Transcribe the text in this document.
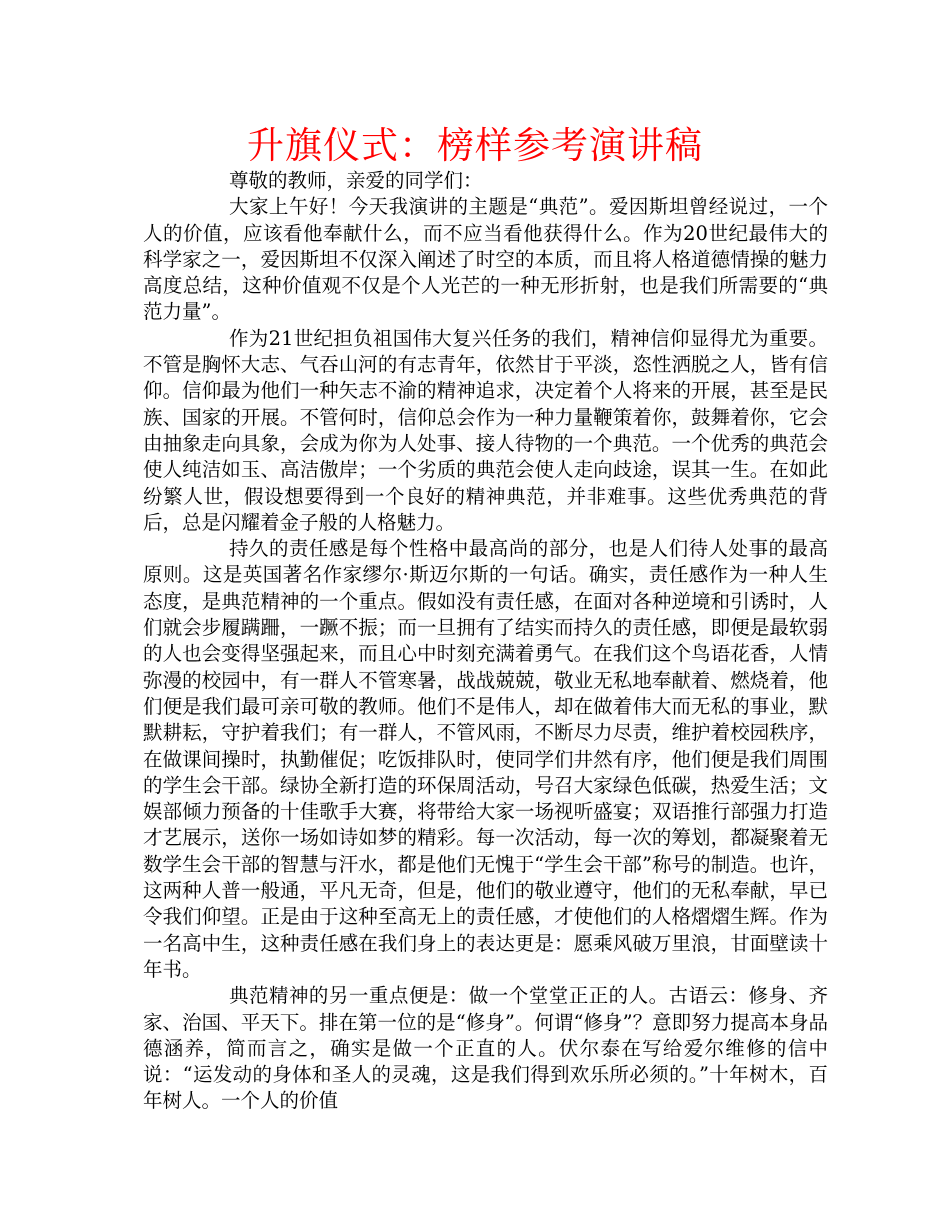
升旗仪式：榜样参考演讲稿

尊敬的教师，亲爱的同学们：

大家上午好！今天我演讲的主题是“典范”。爱因斯坦曾经说过，一个人的价值，应该看他奉献什么，而不应当看他获得什么。作为20世纪最伟大的科学家之一，爱因斯坦不仅深入阐述了时空的本质，而且将人格道德情操的魅力高度总结，这种价值观不仅是个人光芒的一种无形折射，也是我们所需要的“典范力量”。

作为21世纪担负祖国伟大复兴任务的我们，精神信仰显得尤为重要。不管是胸怀大志、气吞山河的有志青年，依然甘于平淡，恣性洒脱之人，皆有信仰。信仰最为他们一种矢志不渝的精神追求，决定着个人将来的开展，甚至是民族、国家的开展。不管何时，信仰总会作为一种力量鞭策着你，鼓舞着你，它会由抽象走向具象，会成为你为人处事、接人待物的一个典范。一个优秀的典范会使人纯洁如玉、高洁傲岸；一个劣质的典范会使人走向歧途，误其一生。在如此纷繁人世，假设想要得到一个良好的精神典范，并非难事。这些优秀典范的背后，总是闪耀着金子般的人格魅力。

持久的责任感是每个性格中最高尚的部分，也是人们待人处事的最高原则。这是英国著名作家缪尔·斯迈尔斯的一句话。确实，责任感作为一种人生态度，是典范精神的一个重点。假如没有责任感，在面对各种逆境和引诱时，人们就会步履蹒跚，一蹶不振；而一旦拥有了结实而持久的责任感，即便是最软弱的人也会变得坚强起来，而且心中时刻充满着勇气。在我们这个鸟语花香，人情弥漫的校园中，有一群人不管寒暑，战战兢兢，敬业无私地奉献着、燃烧着，他们便是我们最可亲可敬的教师。他们不是伟人，却在做着伟大而无私的事业，默默耕耘，守护着我们；有一群人，不管风雨，不断尽力尽责，维护着校园秩序，在做课间操时，执勤催促；吃饭排队时，使同学们井然有序，他们便是我们周围的学生会干部。绿协全新打造的环保周活动，号召大家绿色低碳，热爱生活；文娱部倾力预备的十佳歌手大赛，将带给大家一场视听盛宴；双语推行部强力打造才艺展示，送你一场如诗如梦的精彩。每一次活动，每一次的筹划，都凝聚着无数学生会干部的智慧与汗水，都是他们无愧于“学生会干部”称号的制造。也许，这两种人普一般通，平凡无奇，但是，他们的敬业遵守，他们的无私奉献，早已令我们仰望。正是由于这种至高无上的责任感，才使他们的人格熠熠生辉。作为一名高中生，这种责任感在我们身上的表达更是：愿乘风破万里浪，甘面壁读十年书。

典范精神的另一重点便是：做一个堂堂正正的人。古语云：修身、齐家、治国、平天下。排在第一位的是“修身”。何谓“修身”？意即努力提高本身品德涵养，简而言之，确实是做一个正直的人。伏尔泰在写给爱尔维修的信中说：“运发动的身体和圣人的灵魂，这是我们得到欢乐所必须的。”十年树木，百年树人。一个人的价值
